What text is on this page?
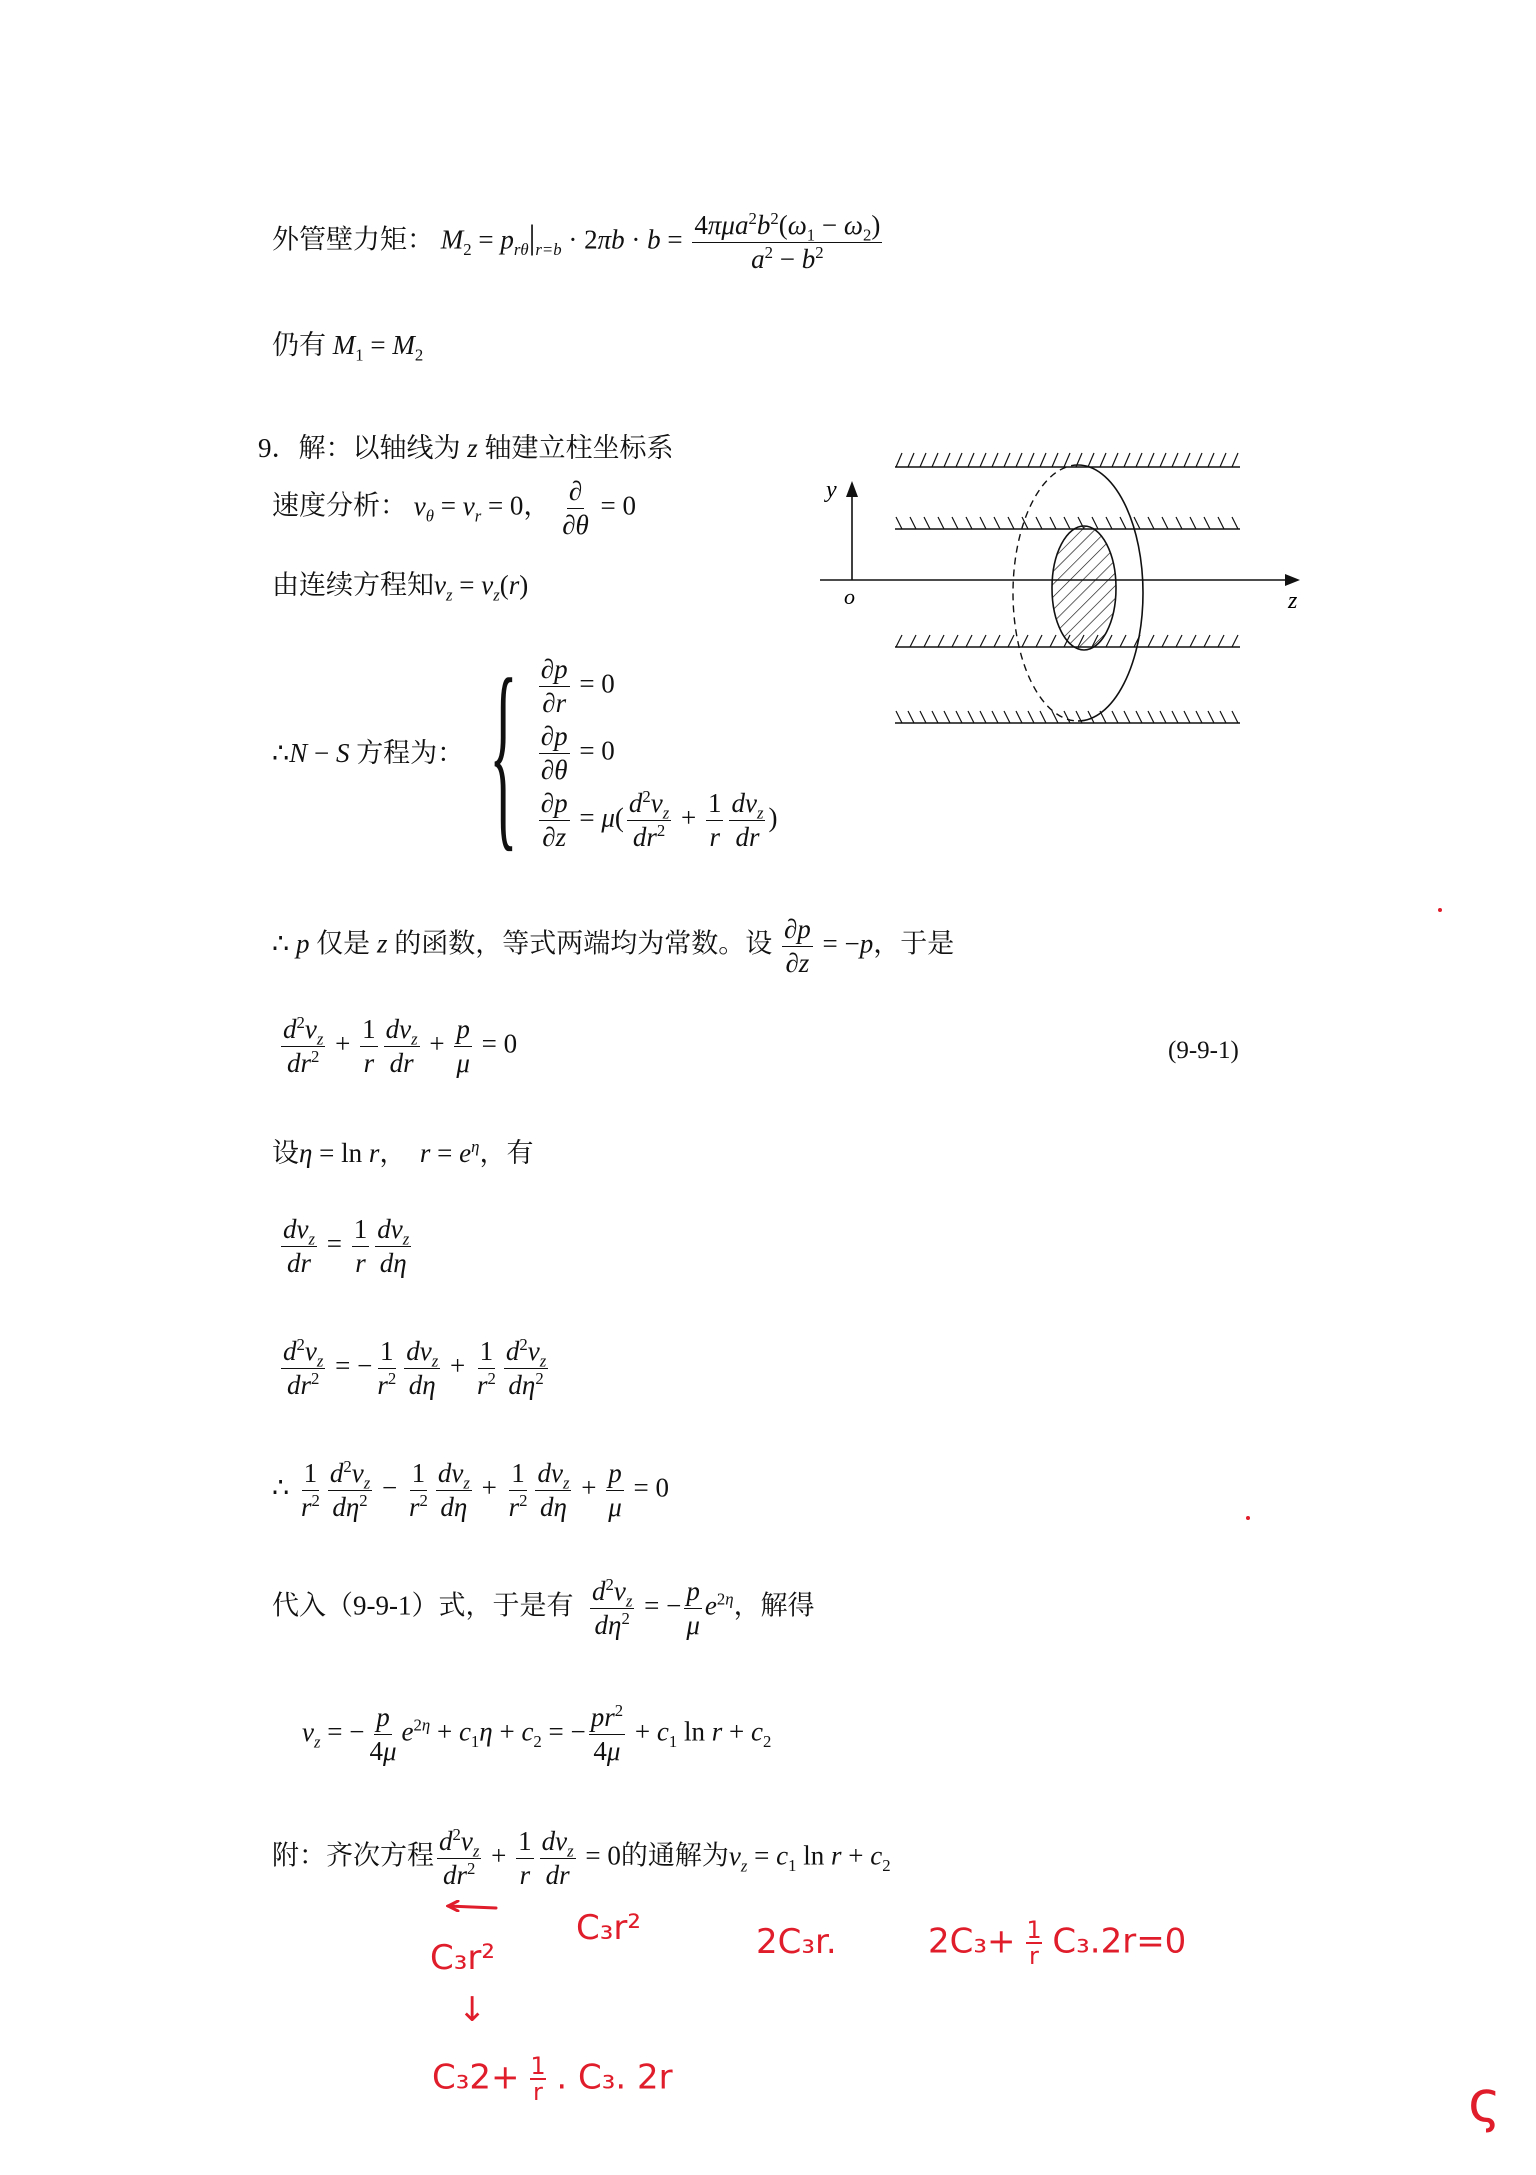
外管壁力矩： $M_2 = p_{r\theta}|_{r=b} \cdot 2\pi b \cdot b = \frac{4\pi\mu a^2b^2(\omega_1 - \omega_2)}{a^2 - b^2}$
仍有 $M_1 = M_2$
9．解：以轴线为 z 轴建立柱坐标系
速度分析： $v_\theta = v_r = 0$， $\frac{\partial}{\partial\theta} = 0$
由连续方程知$v_z = v_z(r)$
∴N − S 方程为： { $\frac{\partial p}{\partial r} = 0$
$\frac{\partial p}{\partial\theta} = 0$
$\frac{\partial p}{\partial z} = \mu( \frac{d^2v_z}{dr^2} + \frac{1}{r} \frac{dv_z}{dr}$ )
∴ p 仅是 z 的函数，等式两端均为常数。设 $\frac{\partial p}{\partial z} = -p$，于是
$\frac{d^2v_z}{dr^2} + \frac{1}{r} \frac{dv_z}{dr} + \frac{p}{\mu} = 0$	(9-9-1)
设η = ln r，  $r = e^\eta$，有
$\frac{dv_z}{dr} = \frac{1}{r} \frac{dv_z}{d\eta}$
$\frac{d^2v_z}{dr^2}$ = − $\frac{1}{r^2} \frac{dv_z}{d\eta} + \frac{1}{r^2} \frac{d^2v_z}{d\eta^2}$
∴ $\frac{1}{r^2} \frac{d^2v_z}{d\eta^2} - \frac{1}{r^2} \frac{dv_z}{d\eta} + \frac{1}{r^2} \frac{dv_z}{d\eta} + \frac{p}{\mu} = 0$
代入（9-9-1）式，于是有 $\frac{d^2v_z}{d\eta^2}$ = − $\frac{p}{\mu} e^{2\eta}$，解得
$v_z$ = − $\frac{p}{4\mu} e^{2\eta} + c_1\eta + c_2$ = − $\frac{pr^2}{4\mu} + c_1$ $\ln r + c_2$
附：齐次方程 $\frac{d^2v_z}{dr^2} + \frac{1}{r} \frac{dv_z}{dr} = 0$的通解为$v_z = c_1$ $\ln r + c_2$
y
z
o
C₃r²
C₃r²	2C₃r.	$2C_3+ \frac{1}{r} C_3.2r=0$
↓
$C_32+ \frac{1}{r}$ . C₃. 2r	ς
